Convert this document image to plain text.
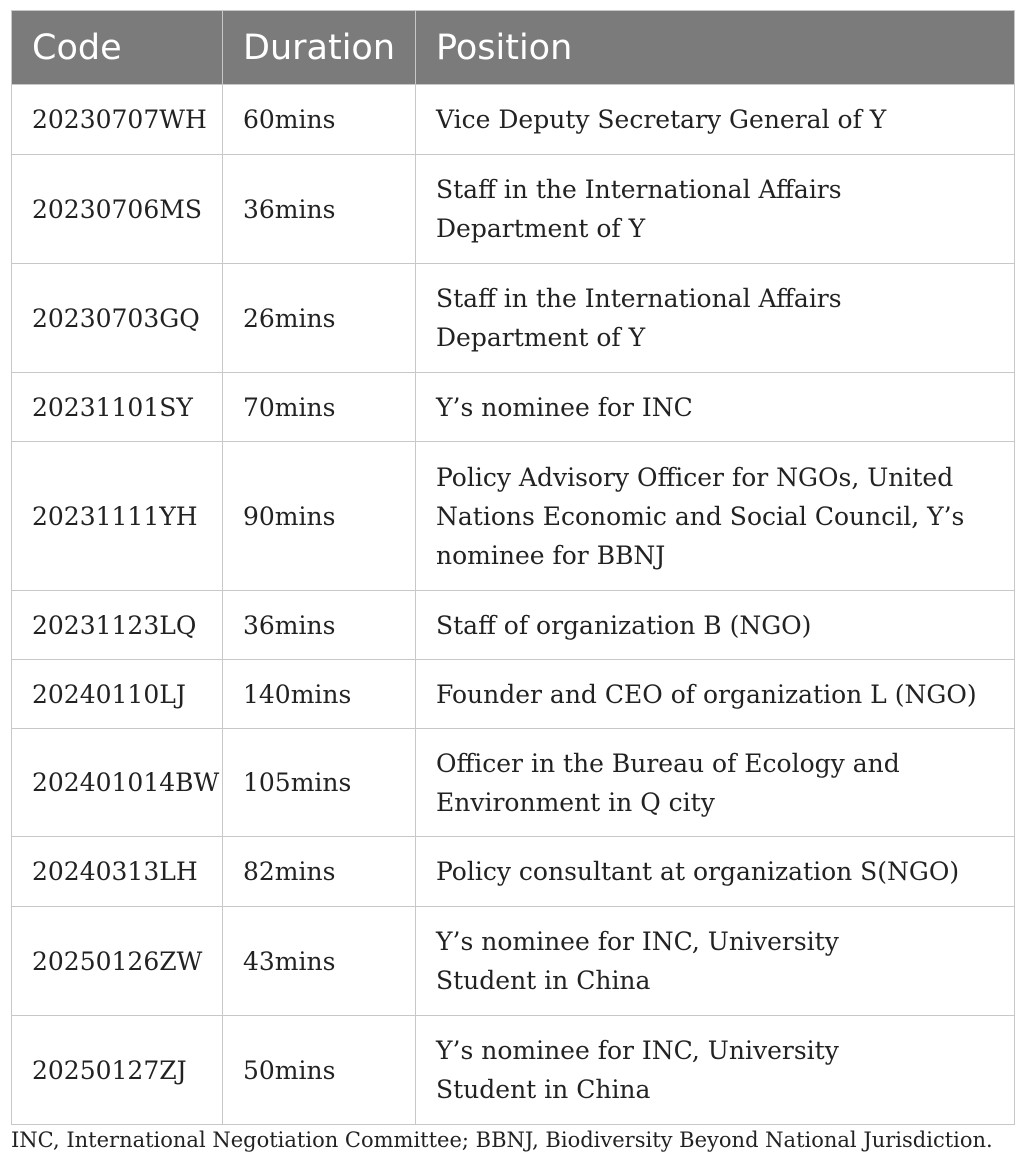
Code	Duration	Position
20230707WH	60mins	Vice Deputy Secretary General of Y
20230706MS	36mins	Staff in the International Affairs Department of Y
20230703GQ	26mins	Staff in the International Affairs Department of Y
20231101SY	70mins	Y’s nominee for INC
20231111YH	90mins	Policy Advisory Officer for NGOs, United Nations Economic and Social Council, Y’s nominee for BBNJ
20231123LQ	36mins	Staff of organization B (NGO)
20240110LJ	140mins	Founder and CEO of organization L (NGO)
202401014BW	105mins	Officer in the Bureau of Ecology and Environment in Q city
20240313LH	82mins	Policy consultant at organization S(NGO)
20250126ZW	43mins	Y’s nominee for INC, University Student in China
20250127ZJ	50mins	Y’s nominee for INC, University Student in China
INC, International Negotiation Committee; BBNJ, Biodiversity Beyond National Jurisdiction.
